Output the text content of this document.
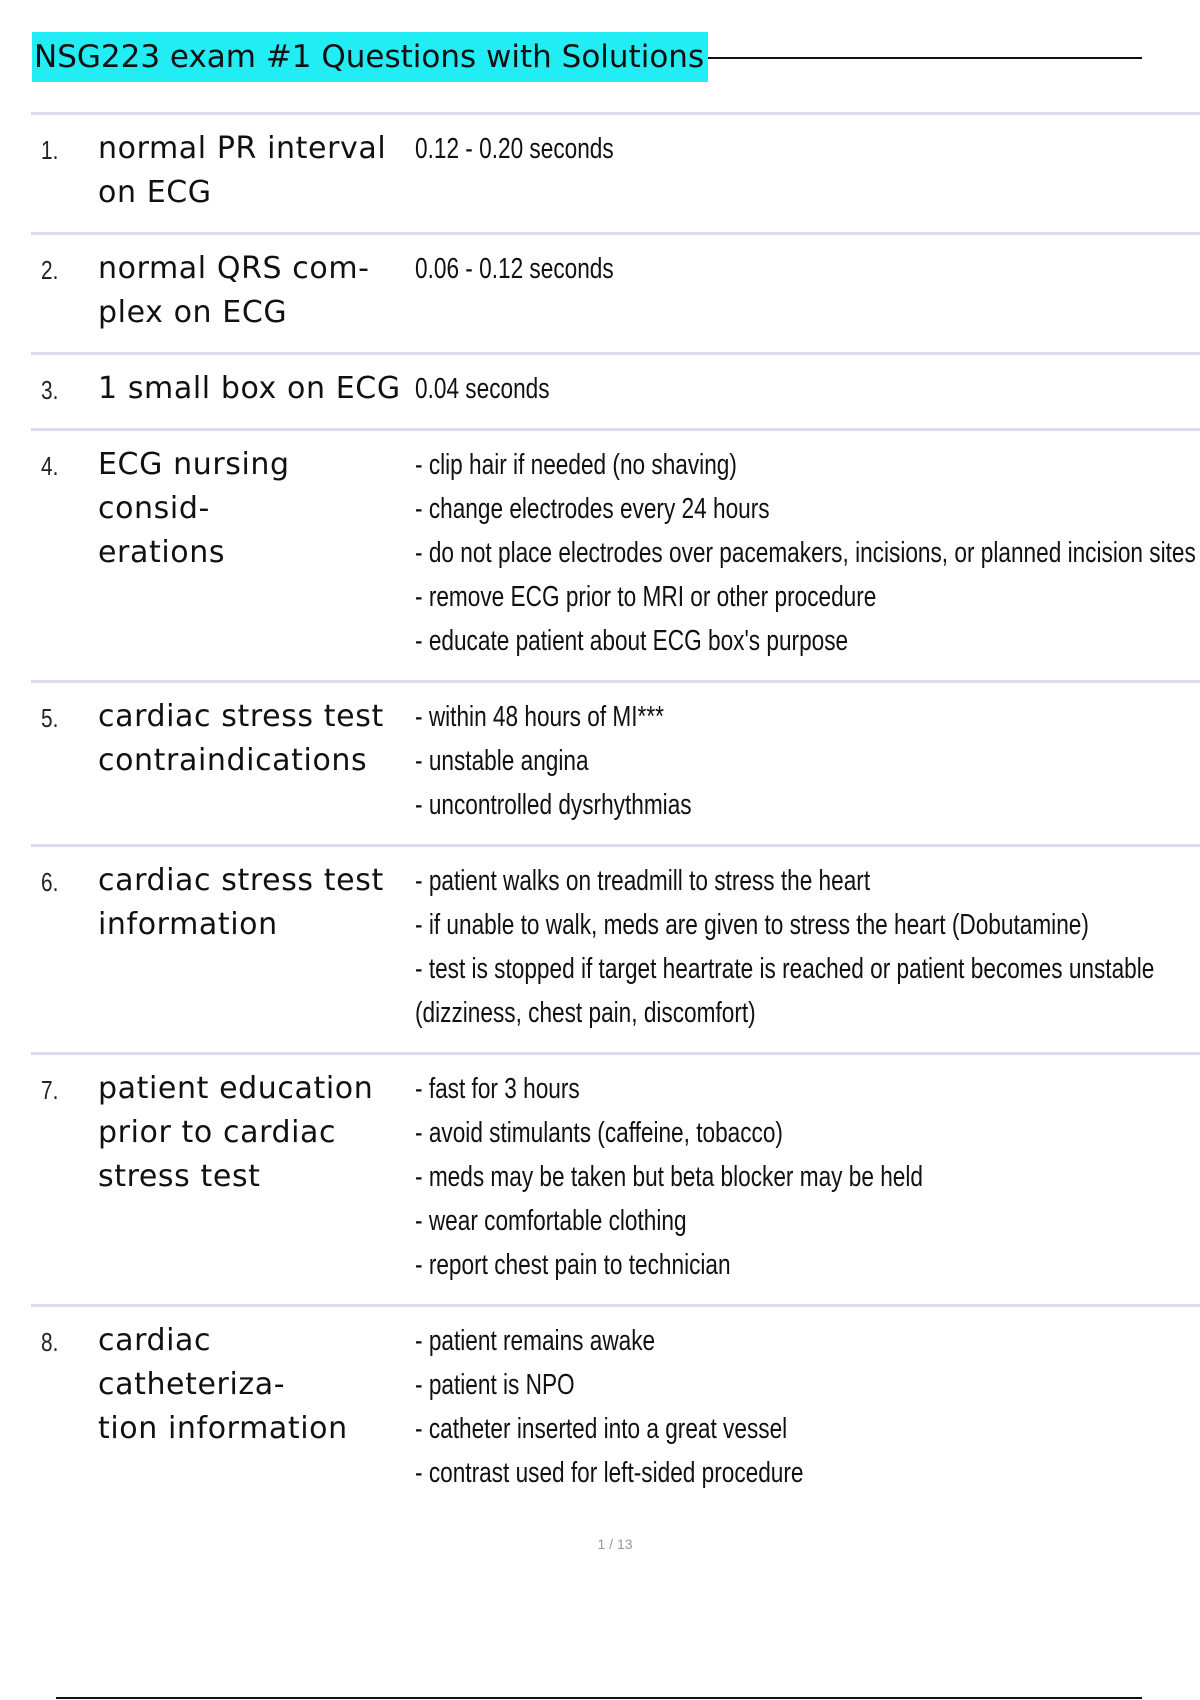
NSG223 exam #1 Questions with Solutions
1. normal PR interval
on ECG
0.12 - 0.20 seconds
2. normal QRS com-
plex on ECG
0.06 - 0.12 seconds
3. 1 small box on ECG 0.04 seconds
4. ECG nursing consid-
erations
- clip hair if needed (no shaving)
- change electrodes every 24 hours
- do not place electrodes over pacemakers, incisions, or planned incision sites
- remove ECG prior to MRI or other procedure
- educate patient about ECG box's purpose
5. cardiac stress test
contraindications
- within 48 hours of MI***
- unstable angina
- uncontrolled dysrhythmias
6. cardiac stress test
information
- patient walks on treadmill to stress the heart
- if unable to walk, meds are given to stress the heart (Dobutamine)
- test is stopped if target heartrate is reached or patient becomes unstable
(dizziness, chest pain, discomfort)
7. patient education
prior to cardiac
stress test
- fast for 3 hours
- avoid stimulants (caffeine, tobacco)
- meds may be taken but beta blocker may be held
- wear comfortable clothing
- report chest pain to technician
8. cardiac catheteriza-
tion information
- patient remains awake
- patient is NPO
- catheter inserted into a great vessel
- contrast used for left-sided procedure
1 / 13
